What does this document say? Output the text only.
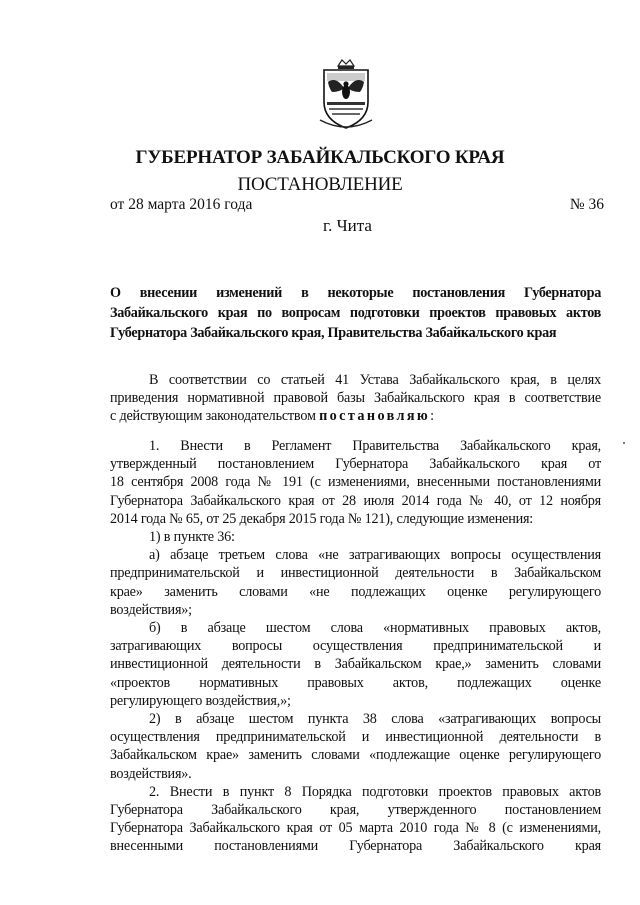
ГУБЕРНАТОР ЗАБАЙКАЛЬСКОГО КРАЯ
ПОСТАНОВЛЕНИЕ
от 28 марта 2016 года	№ 36
г. Чита
О внесении изменений в некоторые постановления Губернатора
Забайкальского края по вопросам подготовки проектов правовых актов
Губернатора Забайкальского края, Правительства Забайкальского края
В соответствии со статьей 41 Устава Забайкальского края, в целях
приведения нормативной правовой базы Забайкальского края в соответствие
с действующим законодательством постановляю:
1. Внести в Регламент Правительства Забайкальского края,
утвержденный постановлением Губернатора Забайкальского края от
18 сентября 2008 года № 191 (с изменениями, внесенными постановлениями
Губернатора Забайкальского края от 28 июля 2014 года № 40, от 12 ноября
2014 года № 65, от 25 декабря 2015 года № 121), следующие изменения:
1) в пункте 36:
а) абзаце третьем слова «не затрагивающих вопросы осуществления
предпринимательской и инвестиционной деятельности в Забайкальском
крае» заменить словами «не подлежащих оценке регулирующего
воздействия»;
б) в абзаце шестом слова «нормативных правовых актов,
затрагивающих вопросы осуществления предпринимательской и
инвестиционной деятельности в Забайкальском крае,» заменить словами
«проектов нормативных правовых актов, подлежащих оценке
регулирующего воздействия,»;
2) в абзаце шестом пункта 38 слова «затрагивающих вопросы
осуществления предпринимательской и инвестиционной деятельности в
Забайкальском крае» заменить словами «подлежащие оценке регулирующего
воздействия».
2. Внести в пункт 8 Порядка подготовки проектов правовых актов
Губернатора Забайкальского края, утвержденного постановлением
Губернатора Забайкальского края от 05 марта 2010 года № 8 (с изменениями,
внесенными постановлениями Губернатора Забайкальского края
